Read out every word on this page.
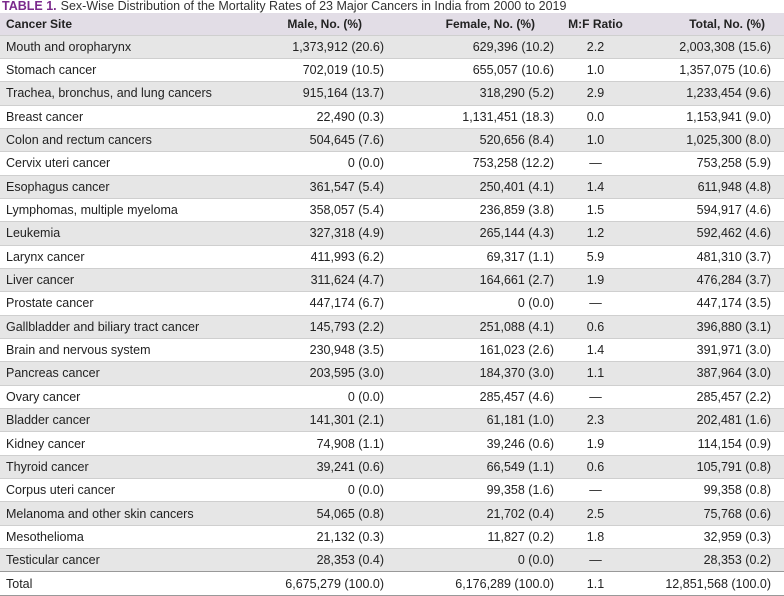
TABLE 1. Sex-Wise Distribution of the Mortality Rates of 23 Major Cancers in India from 2000 to 2019
Cancer Site	Male, No. (%)	Female, No. (%)	M:F Ratio	Total, No. (%)
Mouth and oropharynx	1,373,912 (20.6)	629,396 (10.2)	2.2	2,003,308 (15.6)
Stomach cancer	702,019 (10.5)	655,057 (10.6)	1.0	1,357,075 (10.6)
Trachea, bronchus, and lung cancers	915,164 (13.7)	318,290 (5.2)	2.9	1,233,454 (9.6)
Breast cancer	22,490 (0.3)	1,131,451 (18.3)	0.0	1,153,941 (9.0)
Colon and rectum cancers	504,645 (7.6)	520,656 (8.4)	1.0	1,025,300 (8.0)
Cervix uteri cancer	0 (0.0)	753,258 (12.2)	—	753,258 (5.9)
Esophagus cancer	361,547 (5.4)	250,401 (4.1)	1.4	611,948 (4.8)
Lymphomas, multiple myeloma	358,057 (5.4)	236,859 (3.8)	1.5	594,917 (4.6)
Leukemia	327,318 (4.9)	265,144 (4.3)	1.2	592,462 (4.6)
Larynx cancer	411,993 (6.2)	69,317 (1.1)	5.9	481,310 (3.7)
Liver cancer	311,624 (4.7)	164,661 (2.7)	1.9	476,284 (3.7)
Prostate cancer	447,174 (6.7)	0 (0.0)	—	447,174 (3.5)
Gallbladder and biliary tract cancer	145,793 (2.2)	251,088 (4.1)	0.6	396,880 (3.1)
Brain and nervous system	230,948 (3.5)	161,023 (2.6)	1.4	391,971 (3.0)
Pancreas cancer	203,595 (3.0)	184,370 (3.0)	1.1	387,964 (3.0)
Ovary cancer	0 (0.0)	285,457 (4.6)	—	285,457 (2.2)
Bladder cancer	141,301 (2.1)	61,181 (1.0)	2.3	202,481 (1.6)
Kidney cancer	74,908 (1.1)	39,246 (0.6)	1.9	114,154 (0.9)
Thyroid cancer	39,241 (0.6)	66,549 (1.1)	0.6	105,791 (0.8)
Corpus uteri cancer	0 (0.0)	99,358 (1.6)	—	99,358 (0.8)
Melanoma and other skin cancers	54,065 (0.8)	21,702 (0.4)	2.5	75,768 (0.6)
Mesothelioma	21,132 (0.3)	11,827 (0.2)	1.8	32,959 (0.3)
Testicular cancer	28,353 (0.4)	0 (0.0)	—	28,353 (0.2)
Total	6,675,279 (100.0)	6,176,289 (100.0)	1.1	12,851,568 (100.0)
